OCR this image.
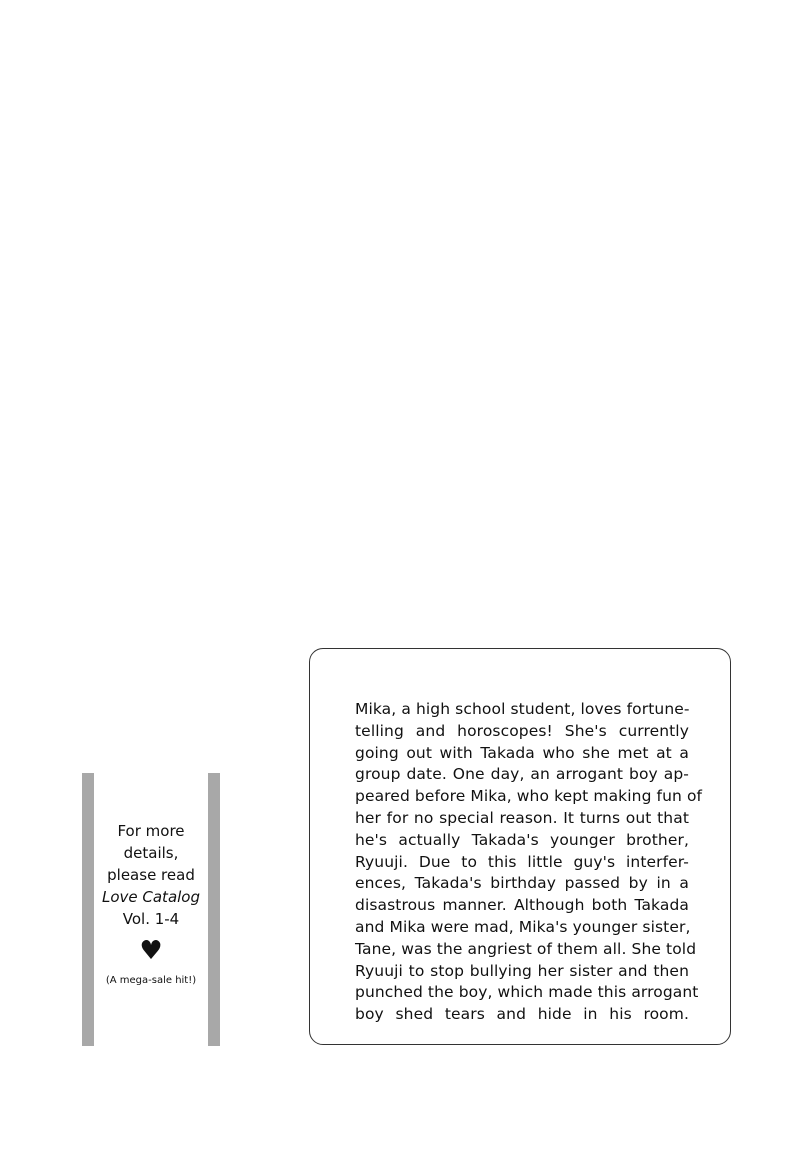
For more
details,
please read
Love Catalog
Vol. 1-4
♥
(A mega-sale hit!)

Mika, a high school student, loves fortune-
telling and horoscopes! She's currently
going out with Takada who she met at a
group date. One day, an arrogant boy ap-
peared before Mika, who kept making fun of
her for no special reason. It turns out that
he's actually Takada's younger brother,
Ryuuji. Due to this little guy's interfer-
ences, Takada's birthday passed by in a
disastrous manner. Although both Takada
and Mika were mad, Mika's younger sister,
Tane, was the angriest of them all. She told
Ryuuji to stop bullying her sister and then
punched the boy, which made this arrogant
boy shed tears and hide in his room.
